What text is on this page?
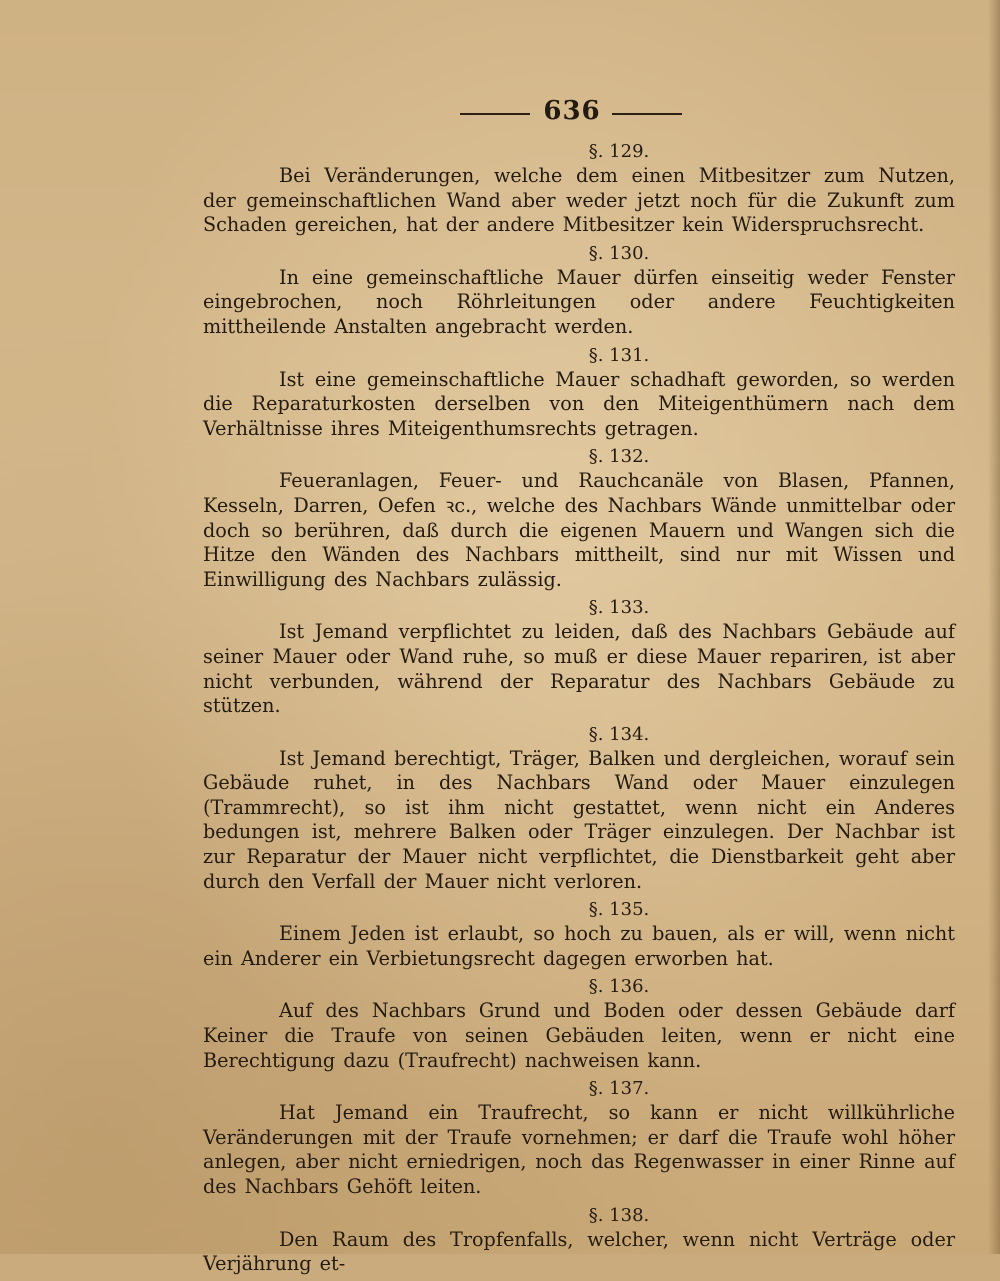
636

§. 129.

Bei Veränderungen, welche dem einen Mitbesitzer zum Nutzen, der gemeinschaftlichen Wand aber weder jetzt noch für die Zukunft zum Schaden gereichen, hat der andere Mitbesitzer kein Widerspruchsrecht.

§. 130.

In eine gemeinschaftliche Mauer dürfen einseitig weder Fenster eingebrochen, noch Röhrleitungen oder andere Feuchtigkeiten mittheilende Anstalten angebracht werden.

§. 131.

Ist eine gemeinschaftliche Mauer schadhaft geworden, so werden die Reparaturkosten derselben von den Miteigenthümern nach dem Verhältnisse ihres Miteigenthumsrechts getragen.

§. 132.

Feueranlagen, Feuer- und Rauchcanäle von Blasen, Pfannen, Kesseln, Darren, Oefen ꝛc., welche des Nachbars Wände unmittelbar oder doch so berühren, daß durch die eigenen Mauern und Wangen sich die Hitze den Wänden des Nachbars mittheilt, sind nur mit Wissen und Einwilligung des Nachbars zulässig.

§. 133.

Ist Jemand verpflichtet zu leiden, daß des Nachbars Gebäude auf seiner Mauer oder Wand ruhe, so muß er diese Mauer repariren, ist aber nicht verbunden, während der Reparatur des Nachbars Gebäude zu stützen.

§. 134.

Ist Jemand berechtigt, Träger, Balken und dergleichen, worauf sein Gebäude ruhet, in des Nachbars Wand oder Mauer einzulegen (Trammrecht), so ist ihm nicht gestattet, wenn nicht ein Anderes bedungen ist, mehrere Balken oder Träger einzulegen. Der Nachbar ist zur Reparatur der Mauer nicht verpflichtet, die Dienstbarkeit geht aber durch den Verfall der Mauer nicht verloren.

§. 135.

Einem Jeden ist erlaubt, so hoch zu bauen, als er will, wenn nicht ein Anderer ein Verbietungsrecht dagegen erworben hat.

§. 136.

Auf des Nachbars Grund und Boden oder dessen Gebäude darf Keiner die Traufe von seinen Gebäuden leiten, wenn er nicht eine Berechtigung dazu (Traufrecht) nachweisen kann.

§. 137.

Hat Jemand ein Traufrecht, so kann er nicht willkührliche Veränderungen mit der Traufe vornehmen; er darf die Traufe wohl höher anlegen, aber nicht erniedrigen, noch das Regenwasser in einer Rinne auf des Nachbars Gehöft leiten.

§. 138.

Den Raum des Tropfenfalls, welcher, wenn nicht Verträge oder Verjährung et-
